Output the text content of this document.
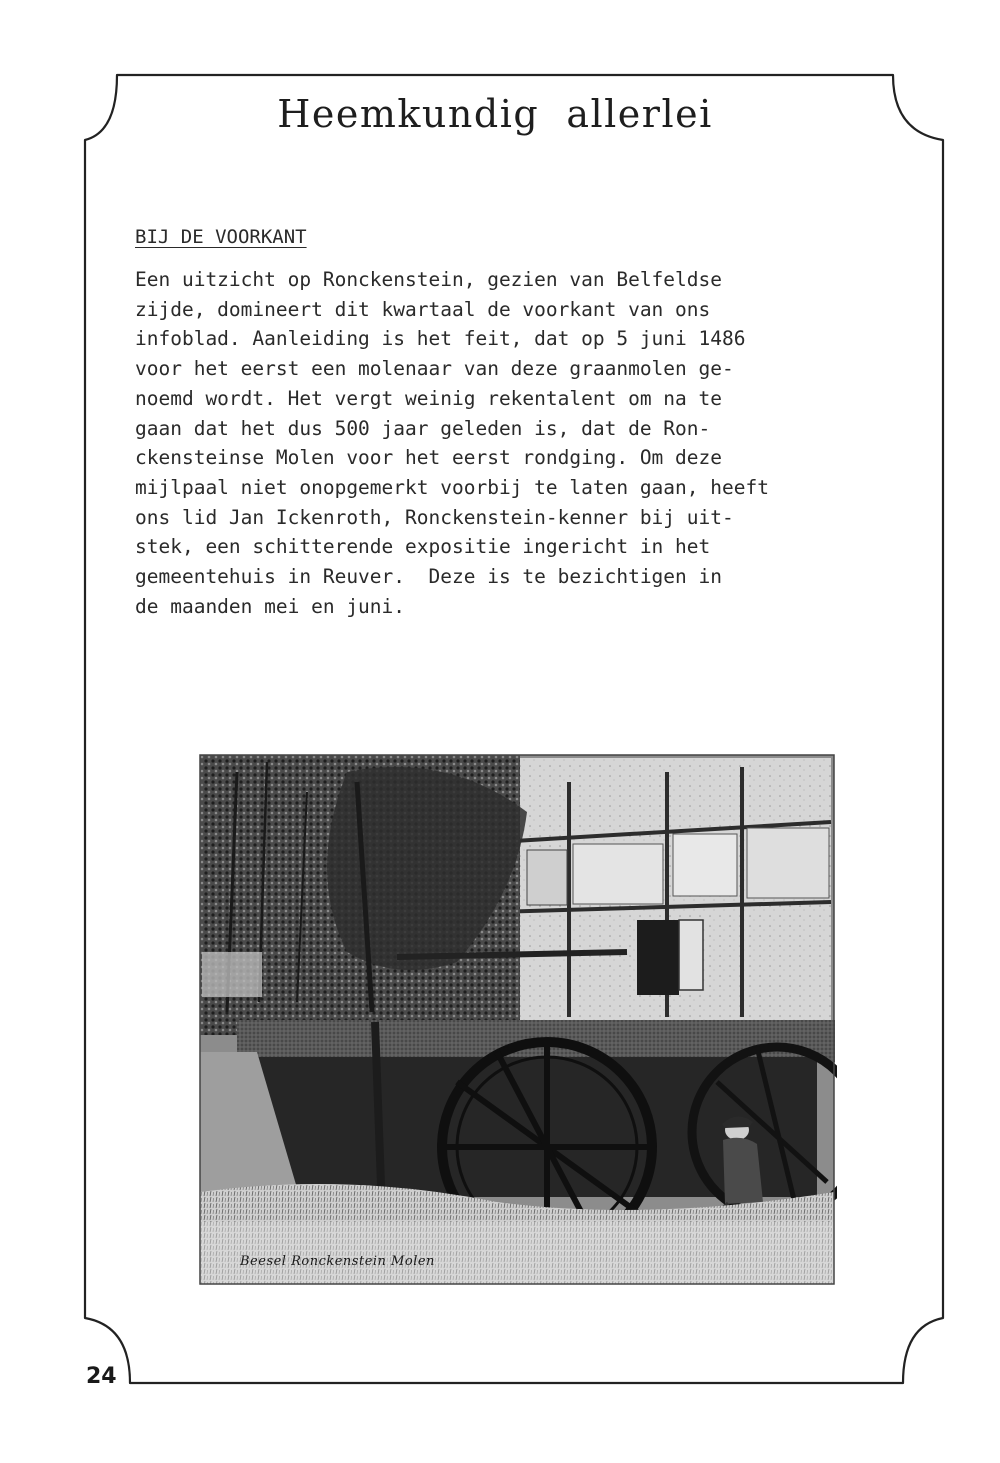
Heemkundig  allerlei
BIJ DE VOORKANT
Een uitzicht op Ronckenstein, gezien van Belfeldse
zijde, domineert dit kwartaal de voorkant van ons
infoblad. Aanleiding is het feit, dat op 5 juni 1486
voor het eerst een molenaar van deze graanmolen ge-
noemd wordt. Het vergt weinig rekentalent om na te
gaan dat het dus 500 jaar geleden is, dat de Ron-
ckensteinse Molen voor het eerst rondging. Om deze
mijlpaal niet onopgemerkt voorbij te laten gaan, heeft
ons lid Jan Ickenroth, Ronckenstein-kenner bij uit-
stek, een schitterende expositie ingericht in het
gemeentehuis in Reuver.  Deze is te bezichtigen in
de maanden mei en juni.
Beesel Ronckenstein Molen
24
